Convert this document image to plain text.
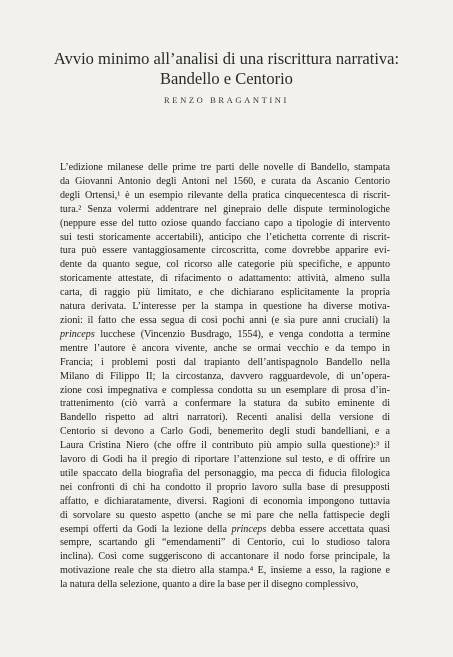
Avvio minimo all’analisi di una riscrittura narrativa:
Bandello e Centorio
RENZO BRAGANTINI
L’edizione milanese delle prime tre parti delle novelle di Bandello, stampata
da Giovanni Antonio degli Antoni nel 1560, e curata da Ascanio Centorio
degli Ortensi,¹ è un esempio rilevante della pratica cinquecentesca di riscrit-
tura.² Senza volermi addentrare nel ginepraio delle dispute terminologiche
(neppure esse del tutto oziose quando facciano capo a tipologie di intervento
sui testi storicamente accertabili), anticipo che l’etichetta corrente di riscrit-
tura può essere vantaggiosamente circoscritta, come dovrebbe apparire evi-
dente da quanto segue, col ricorso alle categorie più specifiche, e appunto
storicamente attestate, di rifacimento o adattamento: attività, almeno sulla
carta, di raggio più limitato, e che dichiarano esplicitamente la propria
natura derivata. L’interesse per la stampa in questione ha diverse motiva-
zioni: il fatto che essa segua di così pochi anni (e sia pure anni cruciali) la
princeps lucchese (Vincenzio Busdrago, 1554), e venga condotta a termine
mentre l’autore è ancora vivente, anche se ormai vecchio e da tempo in
Francia; i problemi posti dal trapianto dell’antispagnolo Bandello nella
Milano di Filippo II; la circostanza, davvero ragguardevole, di un’opera-
zione così impegnativa e complessa condotta su un esemplare di prosa d’in-
trattenimento (ciò varrà a confermare la statura da subito eminente di
Bandello rispetto ad altri narratori). Recenti analisi della versione di
Centorio si devono a Carlo Godi, benemerito degli studi bandelliani, e a
Laura Cristina Niero (che offre il contributo più ampio sulla questione):³ il
lavoro di Godi ha il pregio di riportare l’attenzione sul testo, e di offrire un
utile spaccato della biografia del personaggio, ma pecca di fiducia filologica
nei confronti di chi ha condotto il proprio lavoro sulla base di presupposti
affatto, e dichiaratamente, diversi. Ragioni di economia impongono tuttavia
di sorvolare su questo aspetto (anche se mi pare che nella fattispecie degli
esempi offerti da Godi la lezione della princeps debba essere accettata quasi
sempre, scartando gli “emendamenti” di Centorio, cui lo studioso talora
inclina). Così come suggeriscono di accantonare il nodo forse principale, la
motivazione reale che sta dietro alla stampa.⁴ E, insieme a esso, la ragione e
la natura della selezione, quanto a dire la base per il disegno complessivo,
